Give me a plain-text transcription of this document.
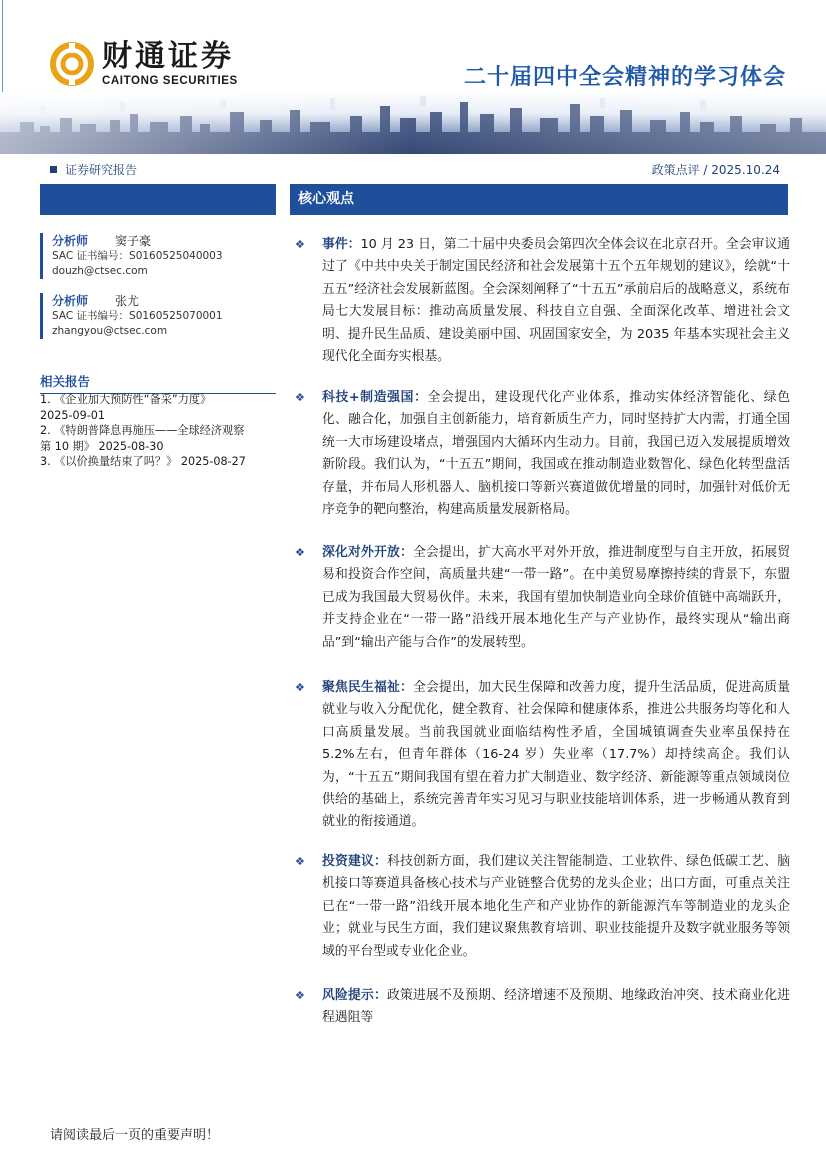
财通证券
CAITONG SECURITIES	二十届四中全会精神的学习体会
证券研究报告	政策点评 / 2025.10.24
分析师	窦子豪
SAC 证书编号：S0160525040003
douzh@ctsec.com
分析师	张尤
SAC 证书编号：S0160525070001
zhangyou@ctsec.com
相关报告
1. 《企业加大预防性“备采”力度》
2025-09-01
2. 《特朗普降息再施压——全球经济观察
第 10 期》 2025-08-30
3. 《以价换量结束了吗？》 2025-08-27
核心观点
❖ 事件：10 月 23 日，第二十届中央委员会第四次全体会议在北京召开。全会审议通过了《中共中央关于制定国民经济和社会发展第十五个五年规划的建议》，绘就“十五五”经济社会发展新蓝图。全会深刻阐释了“十五五”承前启后的战略意义，系统布局七大发展目标：推动高质量发展、科技自立自强、全面深化改革、增进社会文明、提升民生品质、建设美丽中国、巩固国家安全，为 2035 年基本实现社会主义现代化全面夯实根基。
❖ 科技+制造强国：全会提出，建设现代化产业体系，推动实体经济智能化、绿色化、融合化，加强自主创新能力，培育新质生产力，同时坚持扩大内需，打通全国统一大市场建设堵点，增强国内大循环内生动力。目前，我国已迈入发展提质增效新阶段。我们认为，“十五五”期间，我国或在推动制造业数智化、绿色化转型盘活存量，并布局人形机器人、脑机接口等新兴赛道做优增量的同时，加强针对低价无序竞争的靶向整治，构建高质量发展新格局。
❖ 深化对外开放：全会提出，扩大高水平对外开放，推进制度型与自主开放，拓展贸易和投资合作空间，高质量共建“一带一路”。在中美贸易摩擦持续的背景下，东盟已成为我国最大贸易伙伴。未来，我国有望加快制造业向全球价值链中高端跃升，并支持企业在“一带一路”沿线开展本地化生产与产业协作，最终实现从“输出商品”到“输出产能与合作”的发展转型。
❖ 聚焦民生福祉：全会提出，加大民生保障和改善力度，提升生活品质，促进高质量就业与收入分配优化，健全教育、社会保障和健康体系，推进公共服务均等化和人口高质量发展。当前我国就业面临结构性矛盾，全国城镇调查失业率虽保持在 5.2%左右，但青年群体（16-24 岁）失业率（17.7%）却持续高企。我们认为，“十五五”期间我国有望在着力扩大制造业、数字经济、新能源等重点领域岗位供给的基础上，系统完善青年实习见习与职业技能培训体系，进一步畅通从教育到就业的衔接通道。
❖ 投资建议：科技创新方面，我们建议关注智能制造、工业软件、绿色低碳工艺、脑机接口等赛道具备核心技术与产业链整合优势的龙头企业；出口方面，可重点关注已在“一带一路”沿线开展本地化生产和产业协作的新能源汽车等制造业的龙头企业；就业与民生方面，我们建议聚焦教育培训、职业技能提升及数字就业服务等领域的平台型或专业化企业。
❖ 风险提示：政策进展不及预期、经济增速不及预期、地缘政治冲突、技术商业化进程遇阻等
请阅读最后一页的重要声明！
